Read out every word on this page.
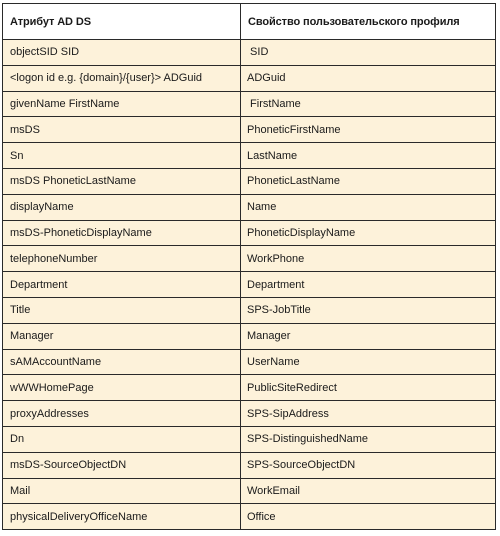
Атрибут AD DS	Свойство пользовательского профиля
objectSID SID	SID
<logon id e.g. {domain}/{user}> ADGuid	ADGuid
givenName FirstName	FirstName
msDS	PhoneticFirstName
Sn	LastName
msDS PhoneticLastName	PhoneticLastName
displayName	Name
msDS-PhoneticDisplayName	PhoneticDisplayName
telephoneNumber	WorkPhone
Department	Department
Title	SPS-JobTitle
Manager	Manager
sAMAccountName	UserName
wWWHomePage	PublicSiteRedirect
proxyAddresses	SPS-SipAddress
Dn	SPS-DistinguishedName
msDS-SourceObjectDN	SPS-SourceObjectDN
Mail	WorkEmail
physicalDeliveryOfficeName	Office
